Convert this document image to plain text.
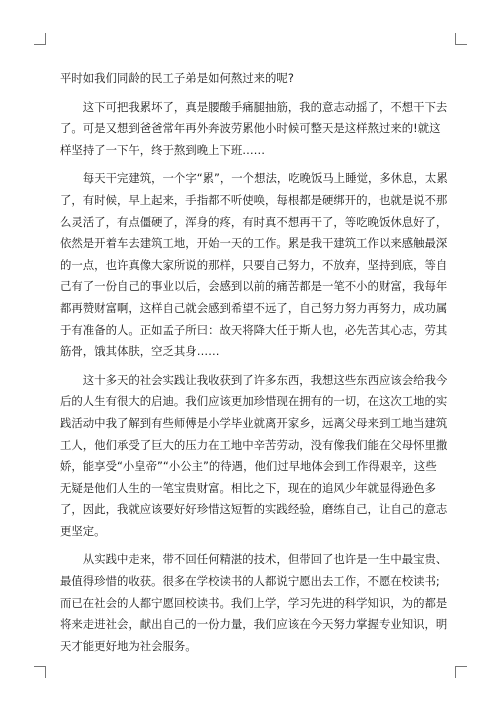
平时如我们同龄的民工子弟是如何熬过来的呢?

这下可把我累坏了，真是腰酸手痛腿抽筋，我的意志动摇了，不想干下去了。可是又想到爸爸常年再外奔波劳累他小时候可整天是这样熬过来的!就这样坚持了一下午，终于熬到晚上下班……

每天干完建筑，一个字“累”，一个想法，吃晚饭马上睡觉，多休息，太累了，有时候，早上起来，手指都不听使唤，每根都是硬绑开的，也就是说不那么灵活了，有点僵硬了，浑身的疼，有时真不想再干了，等吃晚饭休息好了，依然是开着车去建筑工地，开始一天的工作。累是我干建筑工作以来感触最深的一点，也许真像大家所说的那样，只要自己努力，不放弃，坚持到底，等自己有了一份自己的事业以后，会感到以前的痛苦都是一笔不小的财富，我每年都再赞财富啊，这样自己就会感到希望不远了，自己努力努力再努力，成功属于有准备的人。正如孟子所曰：故天将降大任于斯人也，必先苦其心志，劳其筋骨，饿其体肤，空乏其身……

这十多天的社会实践让我收获到了许多东西，我想这些东西应该会给我今后的人生有很大的启迪。我们应该更加珍惜现在拥有的一切，在这次工地的实践活动中我了解到有些师傅是小学毕业就离开家乡，远离父母来到工地当建筑工人，他们承受了巨大的压力在工地中辛苦劳动，没有像我们能在父母怀里撒娇，能享受“小皇帝”“小公主”的待遇，他们过早地体会到工作得艰辛，这些无疑是他们人生的一笔宝贵财富。相比之下，现在的追风少年就显得逊色多了，因此，我就应该要好好珍惜这短暂的实践经验，磨练自己，让自己的意志更坚定。

从实践中走来，带不回任何精湛的技术，但带回了也许是一生中最宝贵、最值得珍惜的收获。很多在学校读书的人都说宁愿出去工作，不愿在校读书;而已在社会的人都宁愿回校读书。我们上学，学习先进的科学知识，为的都是将来走进社会，献出自己的一份力量，我们应该在今天努力掌握专业知识，明天才能更好地为社会服务。
